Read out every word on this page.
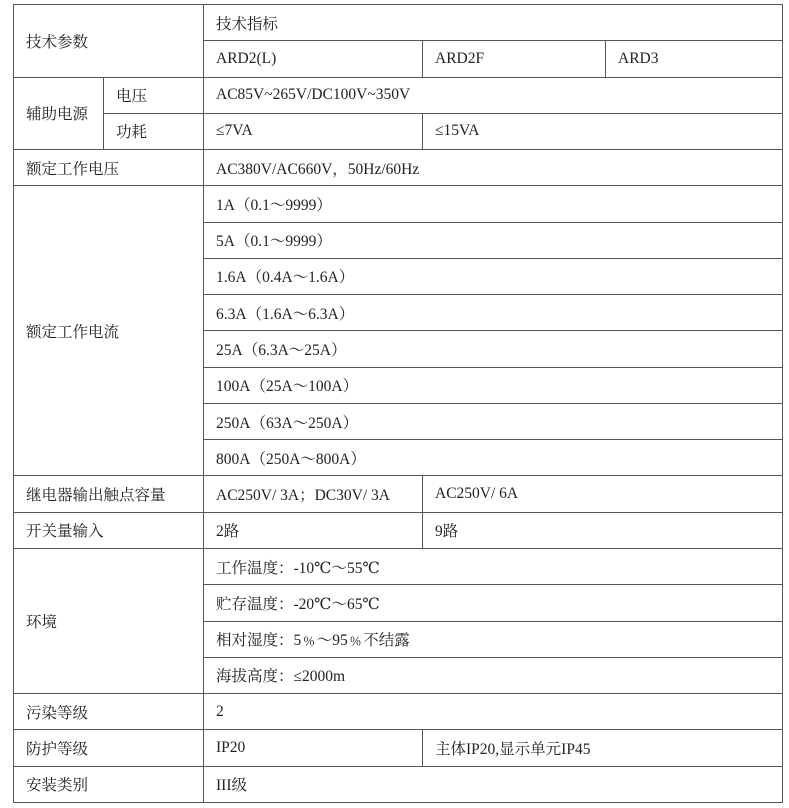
技术参数		技术指标		
		ARD2(L)	ARD2F	ARD3
辅助电源	电压	AC85V~265V/DC100V~350V		
	功耗	≤7VA	≤15VA	
额定工作电压		AC380V/AC660V，50Hz/60Hz		
额定工作电流		1A（0.1～9999）		
		5A（0.1～9999）		
		1.6A（0.4A～1.6A）		
		6.3A（1.6A～6.3A）		
		25A（6.3A～25A）		
		100A（25A～100A）		
		250A（63A～250A）		
		800A（250A～800A）		
继电器输出触点容量		AC250V/ 3A；DC30V/ 3A	AC250V/ 6A	
开关量输入		2路	9路	
环境		工作温度：-10℃～55℃		
		贮存温度：-20℃～65℃		
		相对湿度：5﹪～95﹪不结露		
		海拔高度：≤2000m		
污染等级		2		
防护等级		IP20	主体IP20,显示单元IP45	
安装类别		III级		
